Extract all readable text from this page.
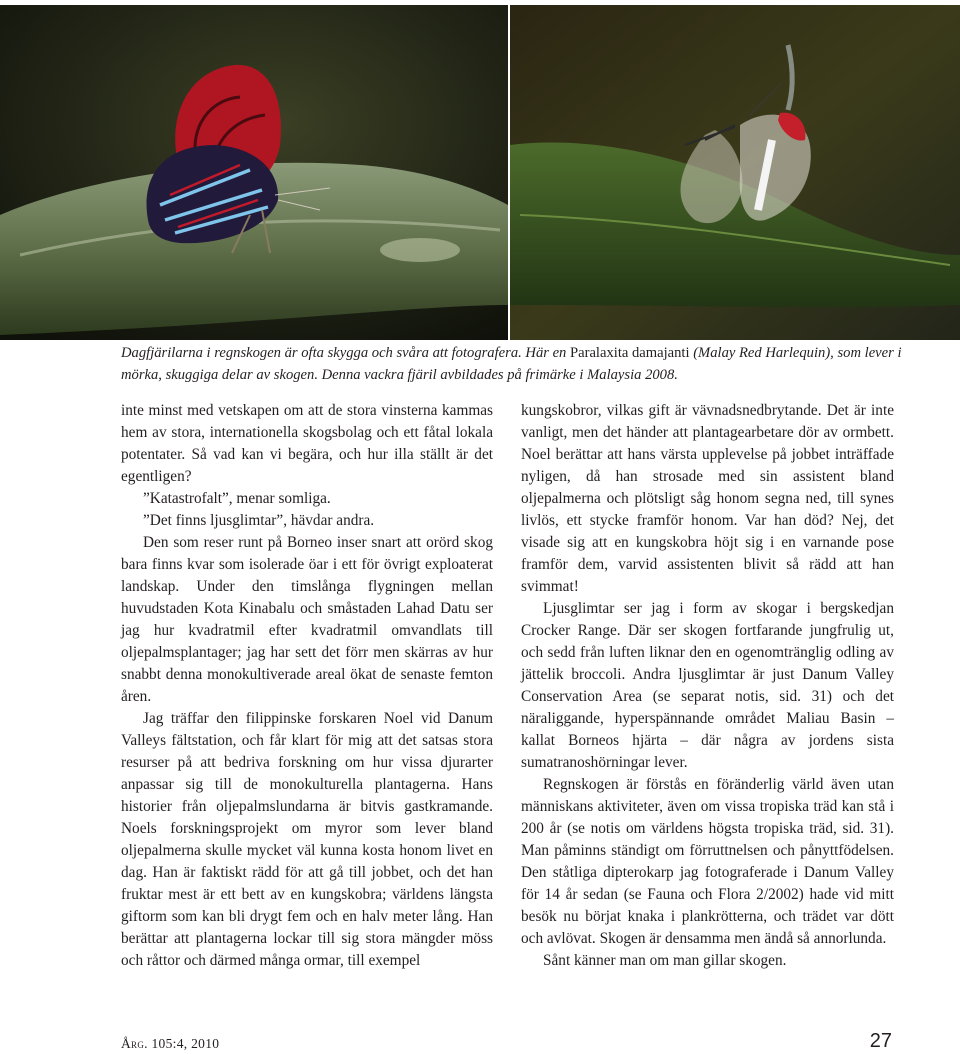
Dagfjärilarna i regnskogen är ofta skygga och svåra att fotografera. Här en Paralaxita damajanti (Malay Red Harlequin), som lever i mörka, skuggiga delar av skogen. Denna vackra fjäril avbildades på frimärke i Malaysia 2008.

inte minst med vetskapen om att de stora vinsterna kammas hem av stora, internationella skogsbolag och ett fåtal lokala potentater. Så vad kan vi begära, och hur illa ställt är det egentligen?

”Katastrofalt”, menar somliga.

”Det finns ljusglimtar”, hävdar andra.

Den som reser runt på Borneo inser snart att orörd skog bara finns kvar som isolerade öar i ett för övrigt exploaterat landskap. Under den timslånga flygningen mellan huvudstaden Kota Kinabalu och småstaden Lahad Datu ser jag hur kvadratmil efter kvadratmil omvandlats till oljepalmsplantager; jag har sett det förr men skärras av hur snabbt denna monokultiverade areal ökat de senaste femton åren.

Jag träffar den filippinske forskaren Noel vid Danum Valleys fältstation, och får klart för mig att det satsas stora resurser på att bedriva forskning om hur vissa djurarter anpassar sig till de monokulturella plantagerna. Hans historier från oljepalmslundarna är bitvis gastkramande. Noels forskningsprojekt om myror som lever bland oljepalmerna skulle mycket väl kunna kosta honom livet en dag. Han är faktiskt rädd för att gå till jobbet, och det han fruktar mest är ett bett av en kungskobra; världens längsta giftorm som kan bli drygt fem och en halv meter lång. Han berättar att plantagerna lockar till sig stora mängder möss och råttor och därmed många ormar, till exempel

kungskobror, vilkas gift är vävnadsnedbrytande. Det är inte vanligt, men det händer att plantagearbetare dör av ormbett. Noel berättar att hans värsta upplevelse på jobbet inträffade nyligen, då han strosade med sin assistent bland oljepalmerna och plötsligt såg honom segna ned, till synes livlös, ett stycke framför honom. Var han död? Nej, det visade sig att en kungskobra höjt sig i en varnande pose framför dem, varvid assistenten blivit så rädd att han svimmat!

Ljusglimtar ser jag i form av skogar i bergskedjan Crocker Range. Där ser skogen fortfarande jungfrulig ut, och sedd från luften liknar den en ogenomtränglig odling av jättelik broccoli. Andra ljusglimtar är just Danum Valley Conservation Area (se separat notis, sid. 31) och det näraliggande, hyperspännande området Maliau Basin – kallat Borneos hjärta – där några av jordens sista sumatranoshörningar lever.

Regnskogen är förstås en föränderlig värld även utan människans aktiviteter, även om vissa tropiska träd kan stå i 200 år (se notis om världens högsta tropiska träd, sid. 31). Man påminns ständigt om förruttnelsen och pånyttfödelsen. Den ståtliga dipterokarp jag fotograferade i Danum Valley för 14 år sedan (se Fauna och Flora 2/2002) hade vid mitt besök nu börjat knaka i plankrötterna, och trädet var dött och avlövat. Skogen är densamma men ändå så annorlunda.

Sånt känner man om man gillar skogen.

Årg. 105:4, 2010	27
